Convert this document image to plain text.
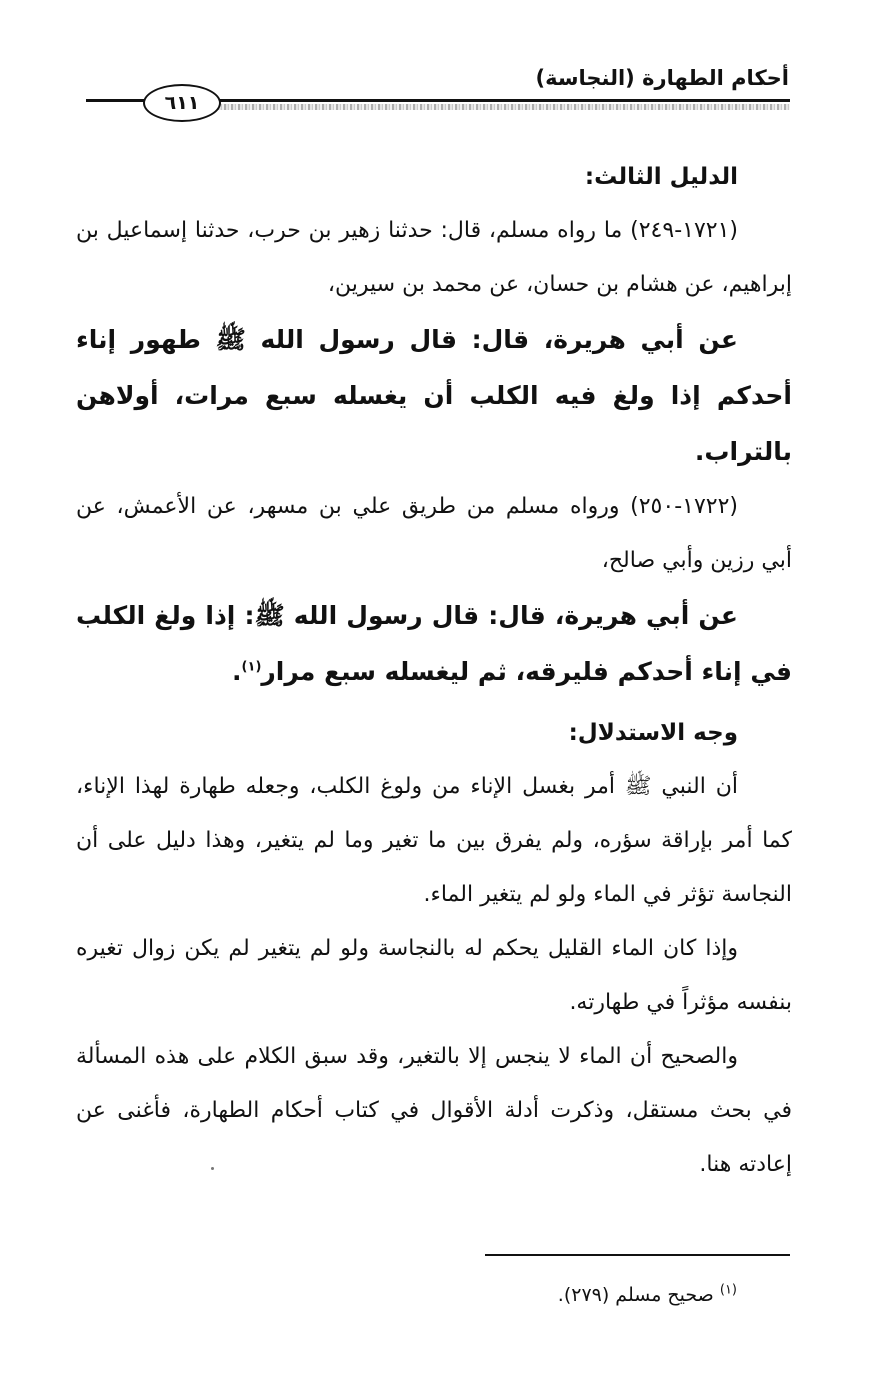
أحكام الطهارة (النجاسة)
٦١١

الدليل الثالث:

(١٧٢١-٢٤٩) ما رواه مسلم، قال: حدثنا زهير بن حرب، حدثنا إسماعيل بن إبراهيم، عن هشام بن حسان، عن محمد بن سيرين،

عن أبي هريرة، قال: قال رسول الله ﷺ طهور إناء أحدكم إذا ولغ فيه الكلب أن يغسله سبع مرات، أولاهن بالتراب.

(١٧٢٢-٢٥٠) ورواه مسلم من طريق علي بن مسهر، عن الأعمش، عن أبي رزين وأبي صالح،

عن أبي هريرة، قال: قال رسول الله ﷺ: إذا ولغ الكلب في إناء أحدكم فليرقه، ثم ليغسله سبع مرار$^{(١)}$.

وجه الاستدلال:

أن النبي ﷺ أمر بغسل الإناء من ولوغ الكلب، وجعله طهارة لهذا الإناء، كما أمر بإراقة سؤره، ولم يفرق بين ما تغير وما لم يتغير، وهذا دليل على أن النجاسة تؤثر في الماء ولو لم يتغير الماء.

وإذا كان الماء القليل يحكم له بالنجاسة ولو لم يتغير لم يكن زوال تغيره بنفسه مؤثراً في طهارته.

والصحيح أن الماء لا ينجس إلا بالتغير، وقد سبق الكلام على هذه المسألة في بحث مستقل، وذكرت أدلة الأقوال في كتاب أحكام الطهارة، فأغنى عن إعادته هنا.

$^{(١)}$ صحيح مسلم (٢٧٩).
